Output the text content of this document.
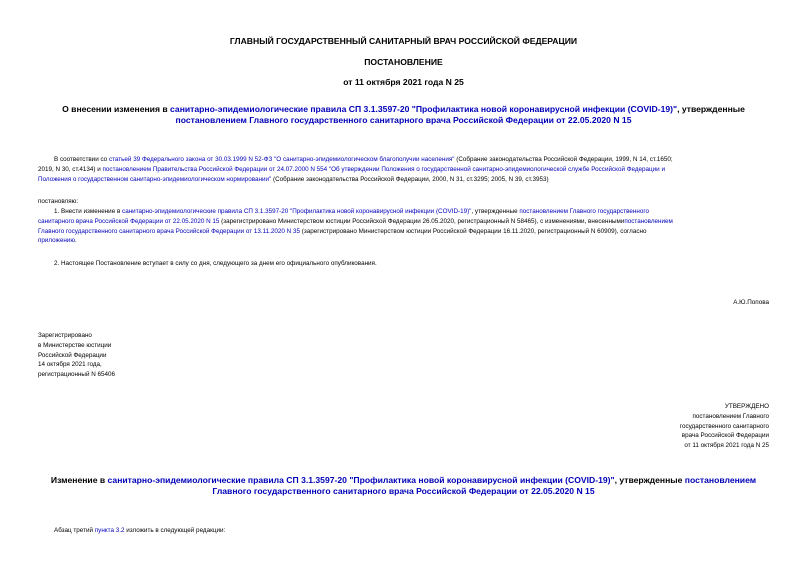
ГЛАВНЫЙ ГОСУДАРСТВЕННЫЙ САНИТАРНЫЙ ВРАЧ РОССИЙСКОЙ ФЕДЕРАЦИИ
ПОСТАНОВЛЕНИЕ
от 11 октября 2021 года N 25
О внесении изменения в санитарно-эпидемиологические правила СП 3.1.3597-20 "Профилактика новой коронавирусной инфекции (COVID-19)", утвержденные
постановлением Главного государственного санитарного врача Российской Федерации от 22.05.2020 N 15
В соответствии со статьей 39 Федерального закона от 30.03.1999 N 52-ФЗ "О санитарно-эпидемиологическом благополучии населения" (Собрание законодательства Российской Федерации, 1999, N 14, ст.1650;
2019, N 30, ст.4134) и постановлением Правительства Российской Федерации от 24.07.2000 N 554 "Об утверждении Положения о государственной санитарно-эпидемиологической службе Российской Федерации и
Положения о государственном санитарно-эпидемиологическом нормировании" (Собрание законодательства Российской Федерации, 2000, N 31, ст.3295; 2005, N 39, ст.3953)
постановляю:
1. Внести изменение в санитарно-эпидемиологические правила СП 3.1.3597-20 "Профилактика новой коронавирусной инфекции (COVID-19)", утвержденные постановлением Главного государственного
санитарного врача Российской Федерации от 22.05.2020 N 15 (зарегистрировано Министерством юстиции Российской Федерации 26.05.2020, регистрационный N 58465), с изменениями, внесеннымипостановлением
Главного государственного санитарного врача Российской Федерации от 13.11.2020 N 35 (зарегистрировано Министерством юстиции Российской Федерации 16.11.2020, регистрационный N 60909), согласно
приложению.
2. Настоящее Постановление вступает в силу со дня, следующего за днем его официального опубликования.
А.Ю.Попова
Зарегистрировано
в Министерстве юстиции
Российской Федерации
14 октября 2021 года,
регистрационный N 65406
УТВЕРЖДЕНО
постановлением Главного
государственного санитарного
врача Российской Федерации
от 11 октября 2021 года N 25
Изменение в санитарно-эпидемиологические правила СП 3.1.3597-20 "Профилактика новой коронавирусной инфекции (COVID-19)", утвержденные постановлением
Главного государственного санитарного врача Российской Федерации от 22.05.2020 N 15
Абзац третий пункта 3.2 изложить в следующей редакции:
